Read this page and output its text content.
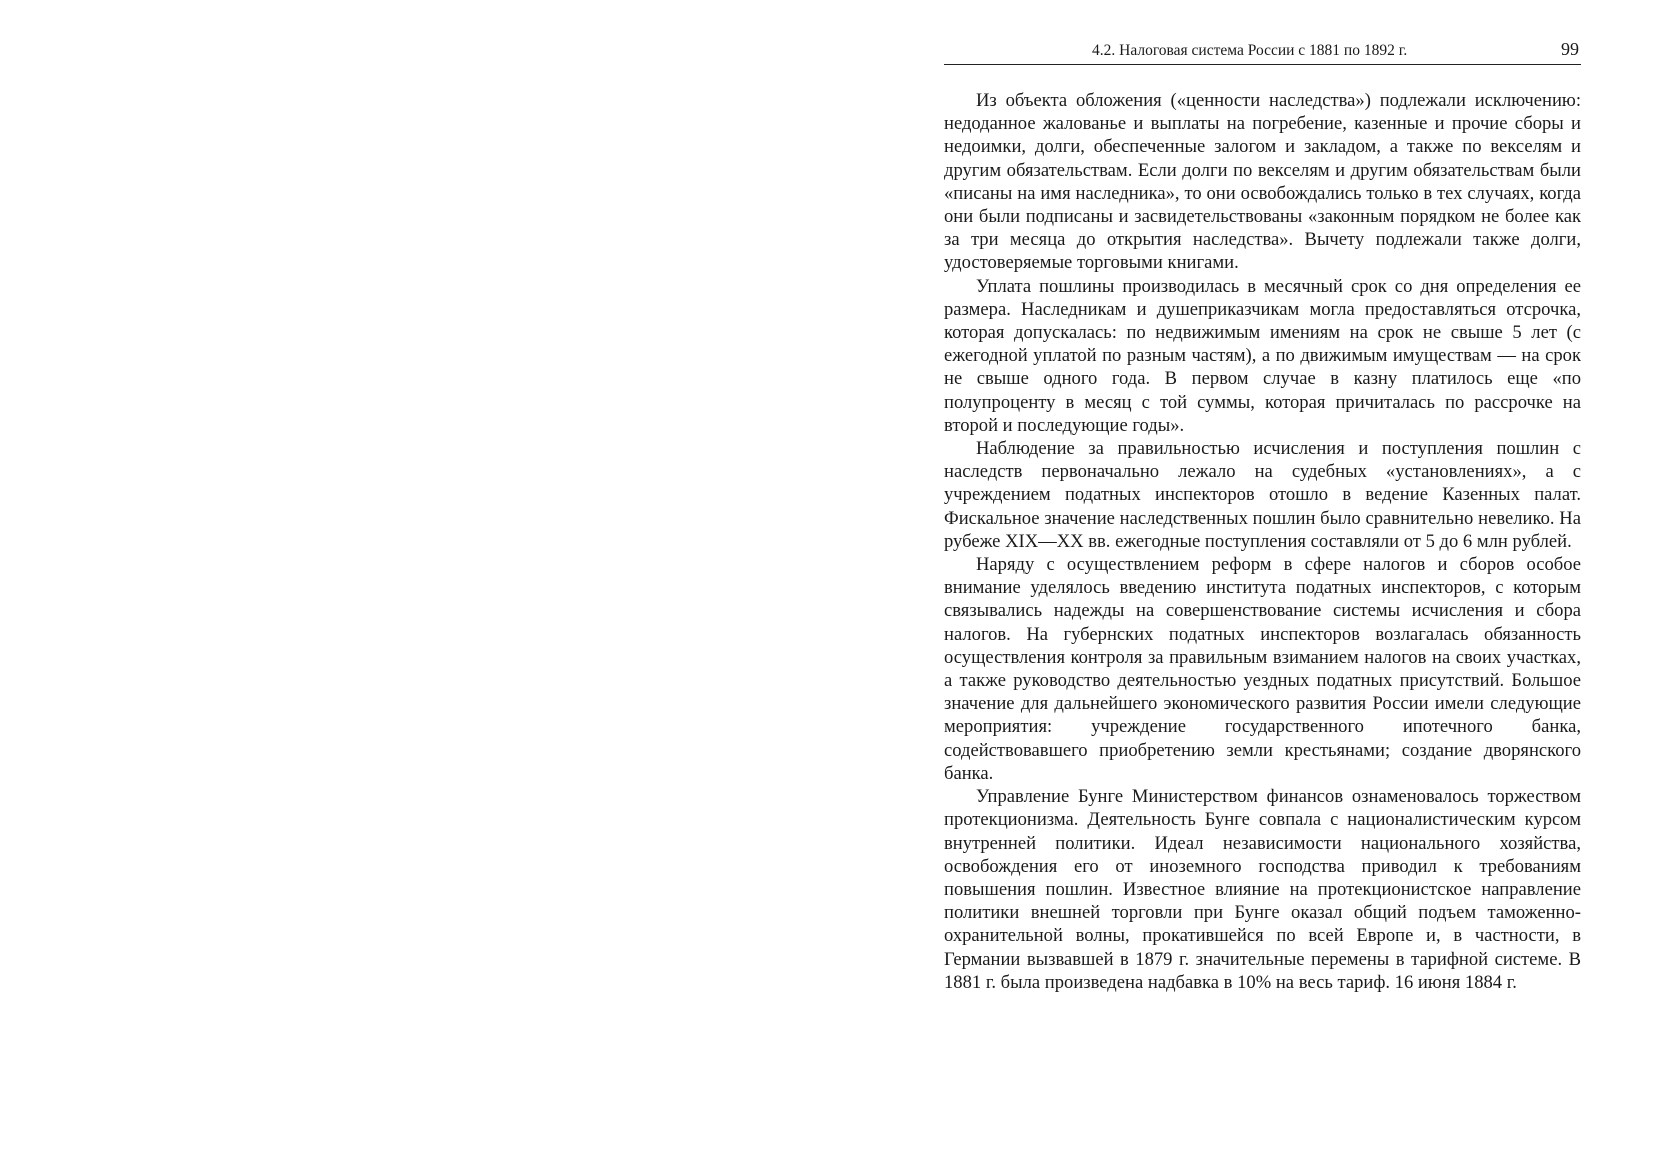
4.2. Налоговая система России с 1881 по 1892 г.	99

Из объекта обложения («ценности наследства») подлежали исключению: недоданное жалованье и выплаты на погребение, казенные и прочие сборы и недоимки, долги, обеспеченные залогом и закладом, а также по векселям и другим обязательствам. Если долги по векселям и другим обязательствам были «писаны на имя наследника», то они освобождались только в тех случаях, когда они были подписаны и засвидетельствованы «законным порядком не более как за три месяца до открытия наследства». Вычету подлежали также долги, удостоверяемые торговыми книгами.

Уплата пошлины производилась в месячный срок со дня определения ее размера. Наследникам и душеприказчикам могла предоставляться отсрочка, которая допускалась: по недвижимым имениям на срок не свыше 5 лет (с ежегодной уплатой по разным частям), а по движимым имуществам — на срок не свыше одного года. В первом случае в казну платилось еще «по полупроценту в месяц с той суммы, которая причиталась по рассрочке на второй и последующие годы».

Наблюдение за правильностью исчисления и поступления пошлин с наследств первоначально лежало на судебных «установлениях», а с учреждением податных инспекторов отошло в ведение Казенных палат. Фискальное значение наследственных пошлин было сравнительно невелико. На рубеже XIX—XX вв. ежегодные поступления составляли от 5 до 6 млн рублей.

Наряду с осуществлением реформ в сфере налогов и сборов особое внимание уделялось введению института податных инспекторов, с которым связывались надежды на совершенствование системы исчисления и сбора налогов. На губернских податных инспекторов возлагалась обязанность осуществления контроля за правильным взиманием налогов на своих участках, а также руководство деятельностью уездных податных присутствий. Большое значение для дальнейшего экономического развития России имели следующие мероприятия: учреждение государственного ипотечного банка, содействовавшего приобретению земли крестьянами; создание дворянского банка.

Управление Бунге Министерством финансов ознаменовалось торжеством протекционизма. Деятельность Бунге совпала с националистическим курсом внутренней политики. Идеал независимости национального хозяйства, освобождения его от иноземного господства приводил к требованиям повышения пошлин. Известное влияние на протекционистское направление политики внешней торговли при Бунге оказал общий подъем таможенно-охранительной волны, прокатившейся по всей Европе и, в частности, в Германии вызвавшей в 1879 г. значительные перемены в тарифной системе. В 1881 г. была произведена надбавка в 10% на весь тариф. 16 июня 1884 г.
